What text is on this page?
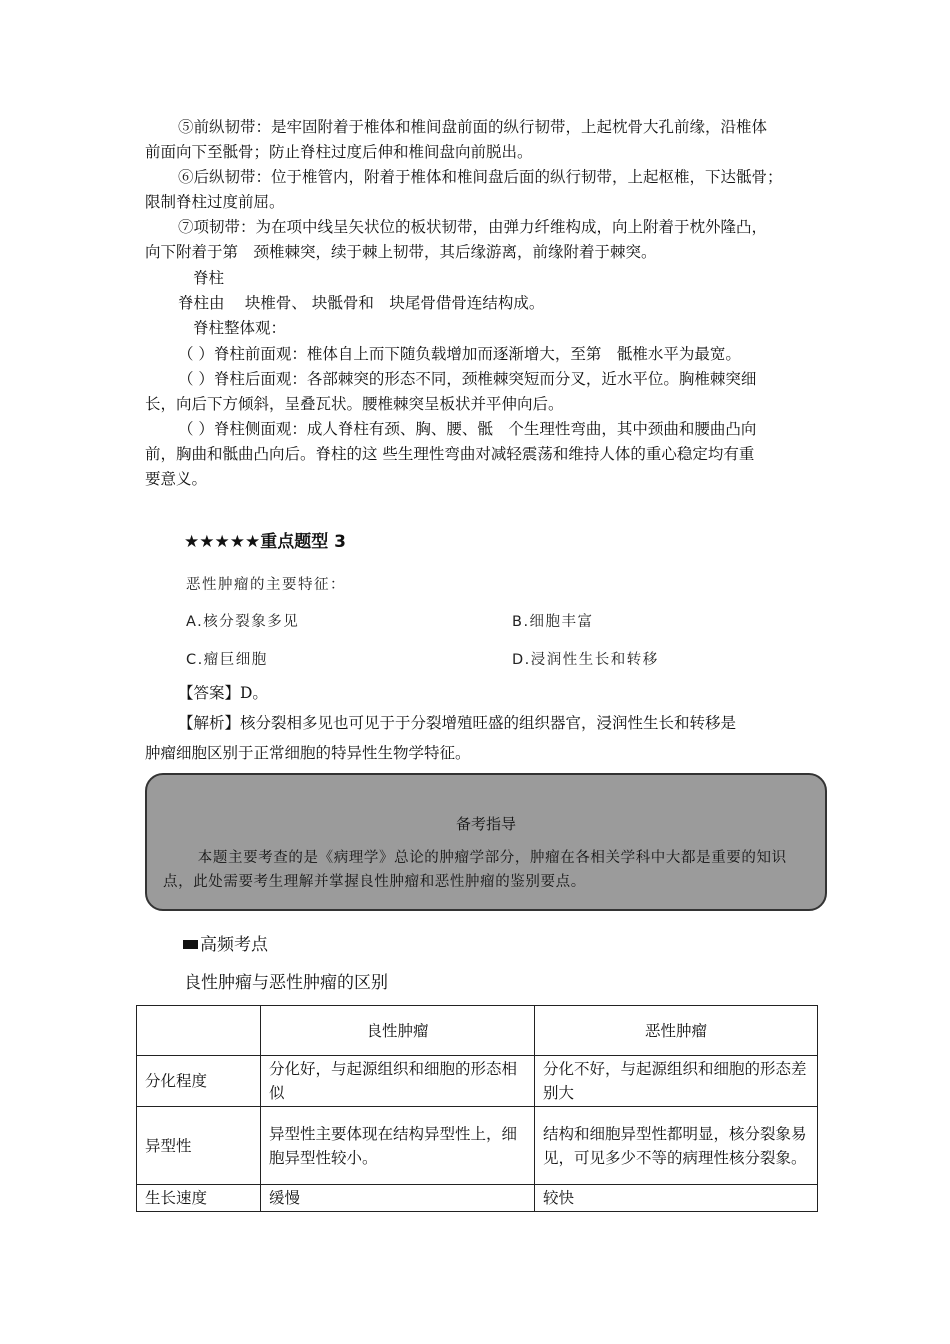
⑤前纵韧带：是牢固附着于椎体和椎间盘前面的纵行韧带，上起枕骨大孔前缘，沿椎体
前面向下至骶骨；防止脊柱过度后伸和椎间盘向前脱出。
⑥后纵韧带：位于椎管内，附着于椎体和椎间盘后面的纵行韧带，上起枢椎，下达骶骨；
限制脊柱过度前屈。
⑦项韧带：为在项中线呈矢状位的板状韧带，由弹力纤维构成，向上附着于枕外隆凸，
向下附着于第　颈椎棘突，续于棘上韧带，其后缘游离，前缘附着于棘突。
脊柱
脊柱由　 块椎骨、 块骶骨和　块尾骨借骨连结构成。
脊柱整体观：
（ ）脊柱前面观：椎体自上而下随负载增加而逐渐增大，至第　骶椎水平为最宽。
（ ）脊柱后面观：各部棘突的形态不同，颈椎棘突短而分叉，近水平位。胸椎棘突细
长，向后下方倾斜，呈叠瓦状。腰椎棘突呈板状并平伸向后。
（ ）脊柱侧面观：成人脊柱有颈、胸、腰、骶　个生理性弯曲，其中颈曲和腰曲凸向
前，胸曲和骶曲凸向后。脊柱的这 些生理性弯曲对减轻震荡和维持人体的重心稳定均有重
要意义。
★★★★★重点题型 3
恶性肿瘤的主要特征：
A.核分裂象多见	B.细胞丰富
C.瘤巨细胞	D.浸润性生长和转移
【答案】D。
【解析】核分裂相多见也可见于于分裂增殖旺盛的组织器官，浸润性生长和转移是
肿瘤细胞区别于正常细胞的特异性生物学特征。
备考指导
本题主要考查的是《病理学》总论的肿瘤学部分，肿瘤在各相关学科中大都是重要的知识点，此处需要考生理解并掌握良性肿瘤和恶性肿瘤的鉴别要点。
高频考点
良性肿瘤与恶性肿瘤的区别
	良性肿瘤	恶性肿瘤
分化程度	分化好，与起源组织和细胞的形态相似	分化不好，与起源组织和细胞的形态差别大
异型性	异型性主要体现在结构异型性上，细胞异型性较小。	结构和细胞异型性都明显，核分裂象易见，可见多少不等的病理性核分裂象。
生长速度	缓慢	较快
